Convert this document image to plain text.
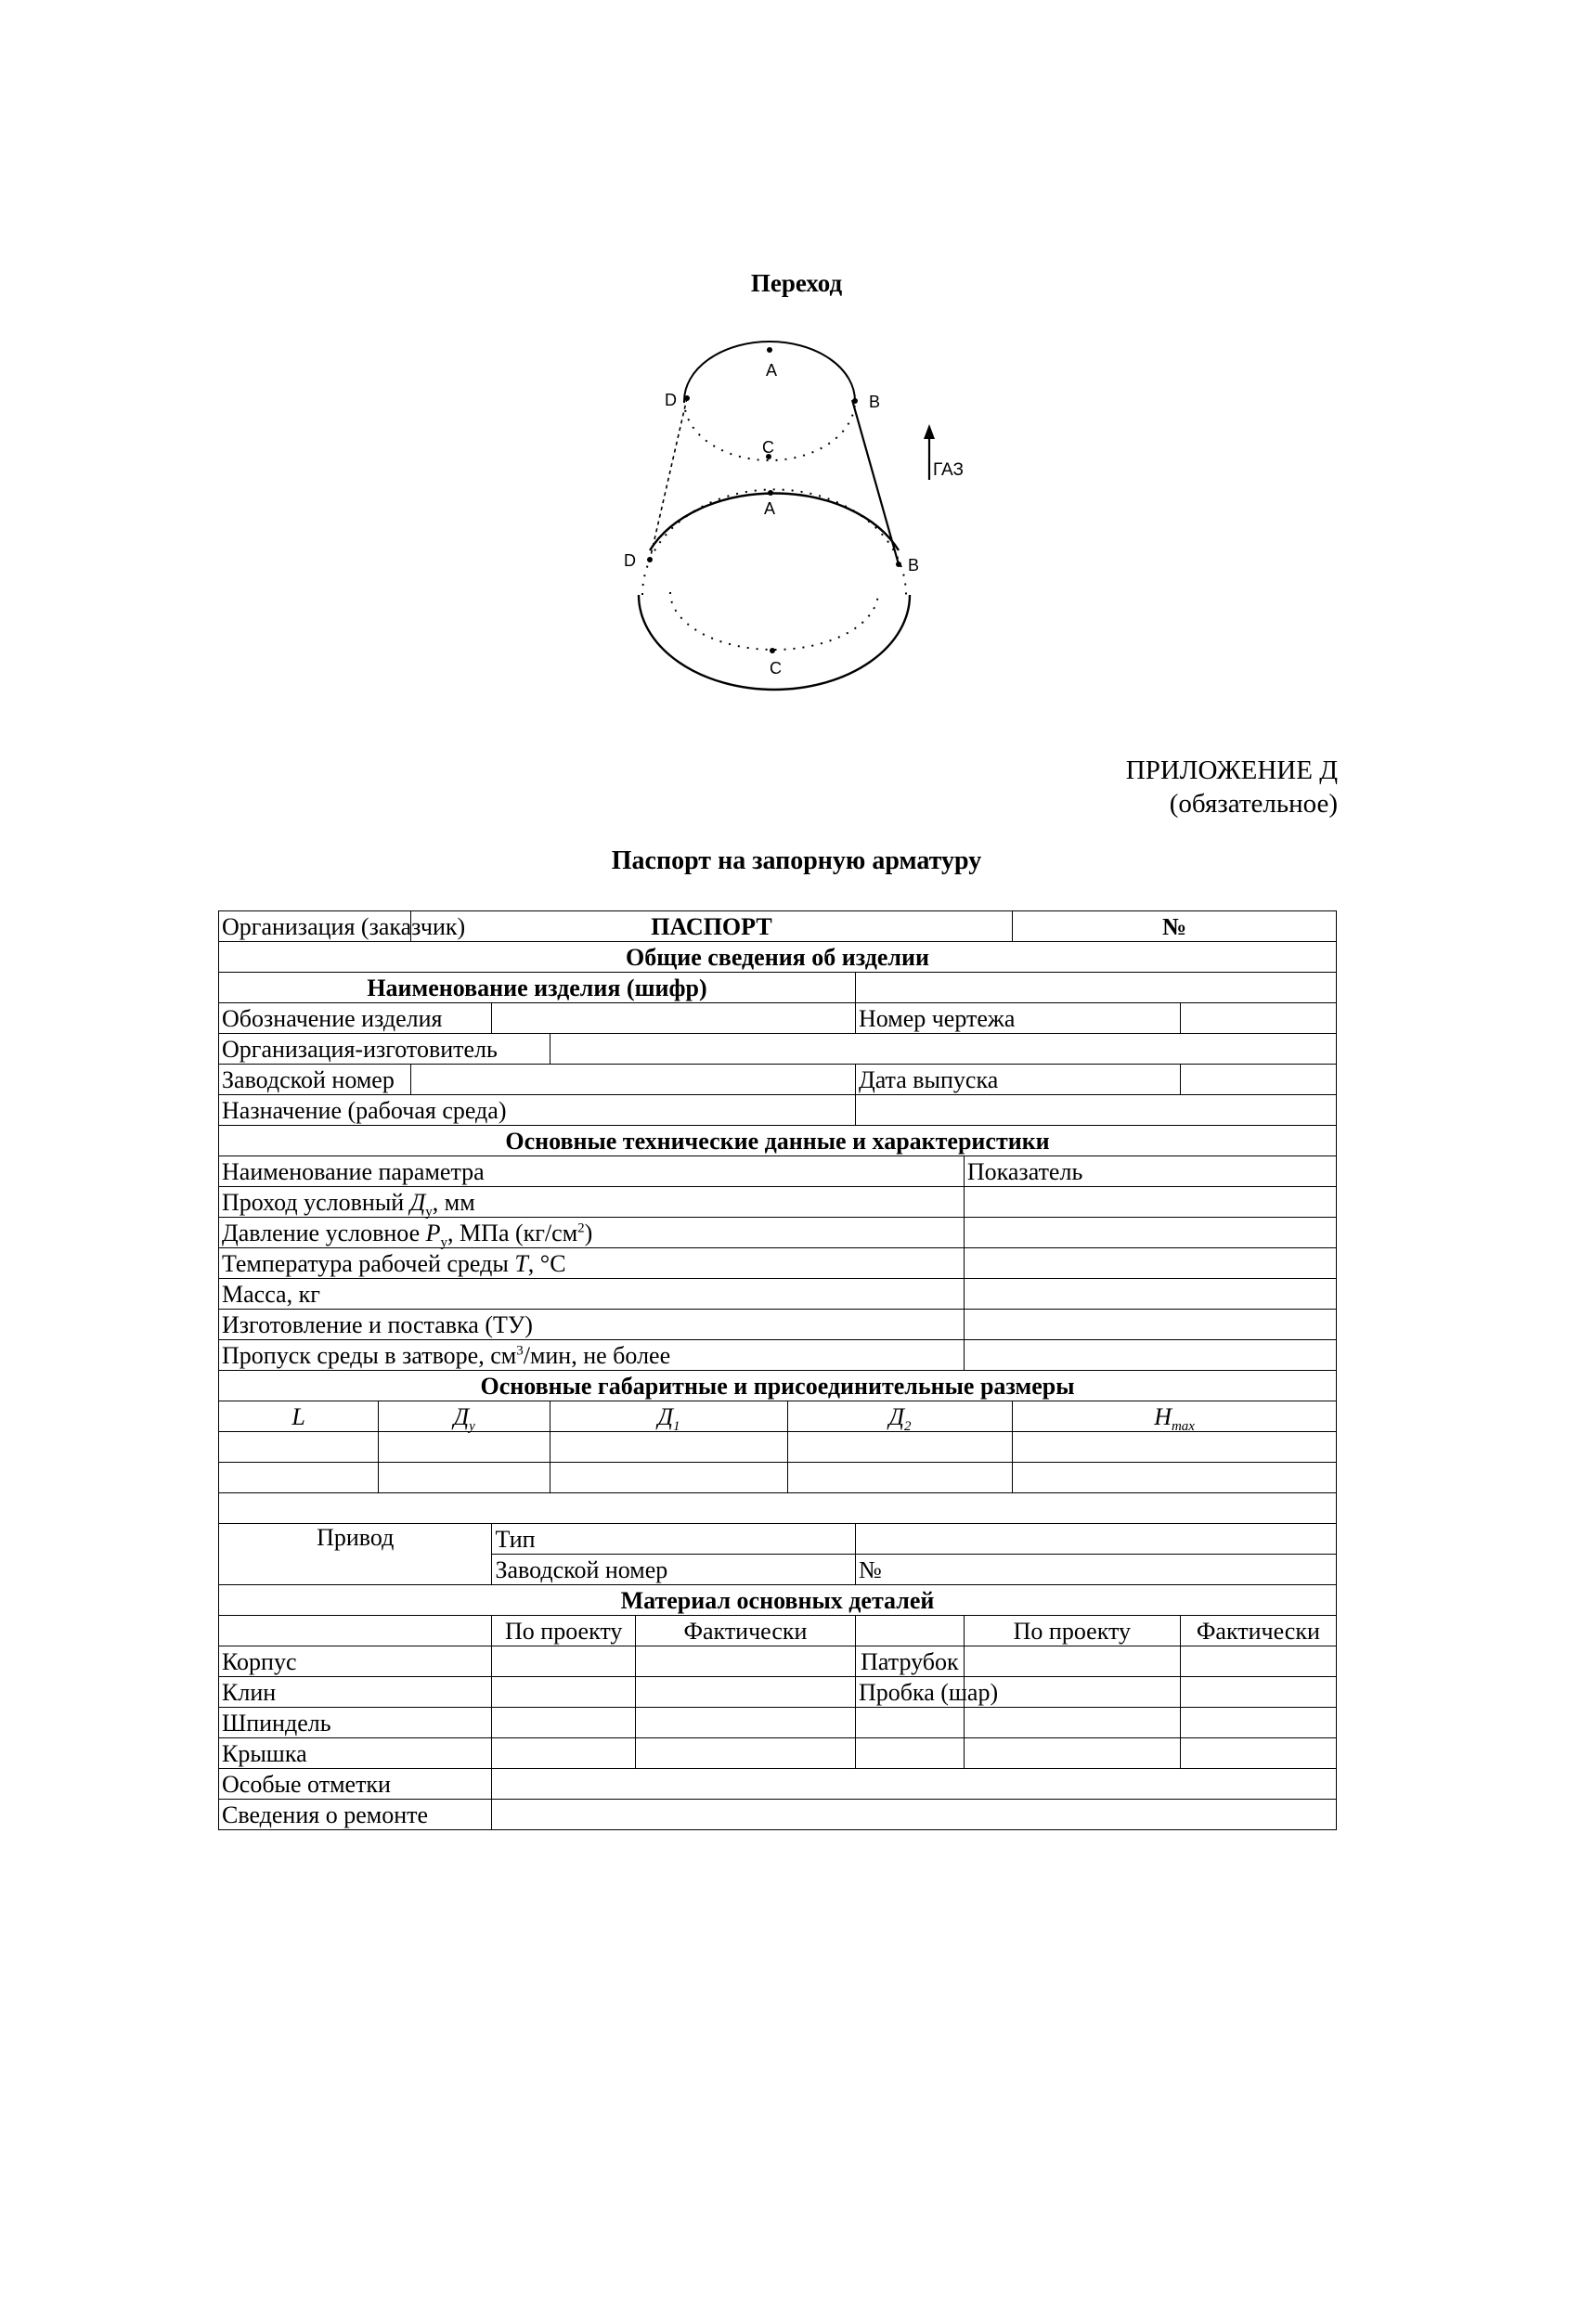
Переход
A
B
C
D
A
B
C
D
ГАЗ
ПРИЛОЖЕНИЕ Д
(обязательное)
Паспорт на запорную арматуру
Организация (заказчик)		ПАСПОРТ							№	
Общие сведения об изделии										
Наименование изделия (шифр)										
Обозначение изделия							Номер чертежа			
Организация-изготовитель										
Заводской номер							Дата выпуска			
Назначение (рабочая среда)										
Основные технические данные и характеристики										
Наименование параметра								Показатель		
Проход условный $Д_у$, мм										
Давление условное $Р_у$, МПа $(кг/см^2)$										
Температура рабочей среды Т, °С										
Масса, кг										
Изготовление и поставка (ТУ)										
Пропуск среды в затворе, $см^3$/мин, не более										
Основные габаритные и присоединительные размеры										
L	$Д_у$			$Д_1$		$Д_2$			$H_{max}$

Привод			Тип							
			Заводской номер				№			
Материал основных деталей										
			По проекту		Фактически			По проекту		Фактически
Корпус							Патрубок			
Клин							Пробка (шар)			
Шпиндель										
Крышка										
Особые отметки										
Сведения о ремонте										
